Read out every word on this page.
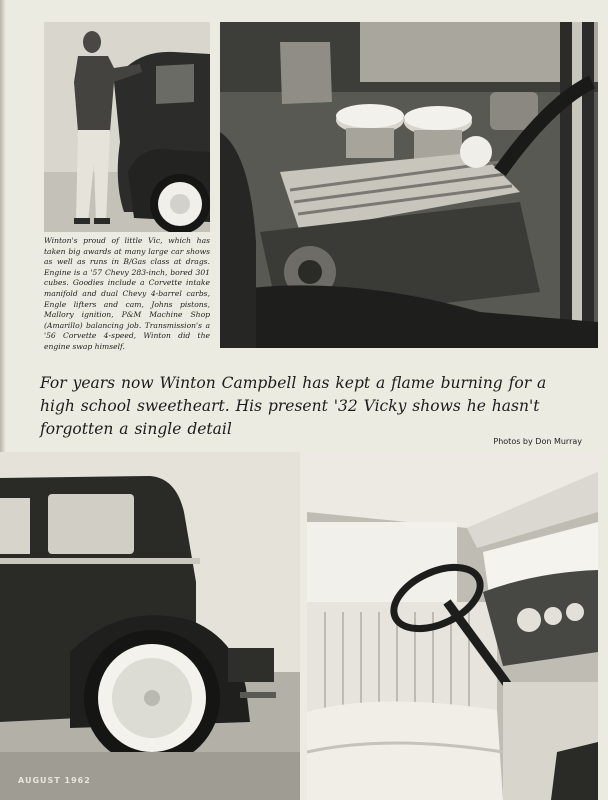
Winton's proud of little Vic, which has taken big awards at many large car shows as well as runs in B/Gas class at drags. Engine is a '57 Chevy 283-inch, bored 301 cubes. Goodies include a Corvette intake manifold and dual Chevy 4-barrel carbs, Engle lifters and cam, Johns pistons, Mallory ignition, P&M Machine Shop (Amarillo) balancing job. Transmission's a '56 Corvette 4-speed, Winton did the engine swap himself.
For years now Winton Campbell has kept a flame burning for a high school sweetheart. His present '32 Vicky shows he hasn't forgotten a single detail
Photos by Don Murray
AUGUST 1962
